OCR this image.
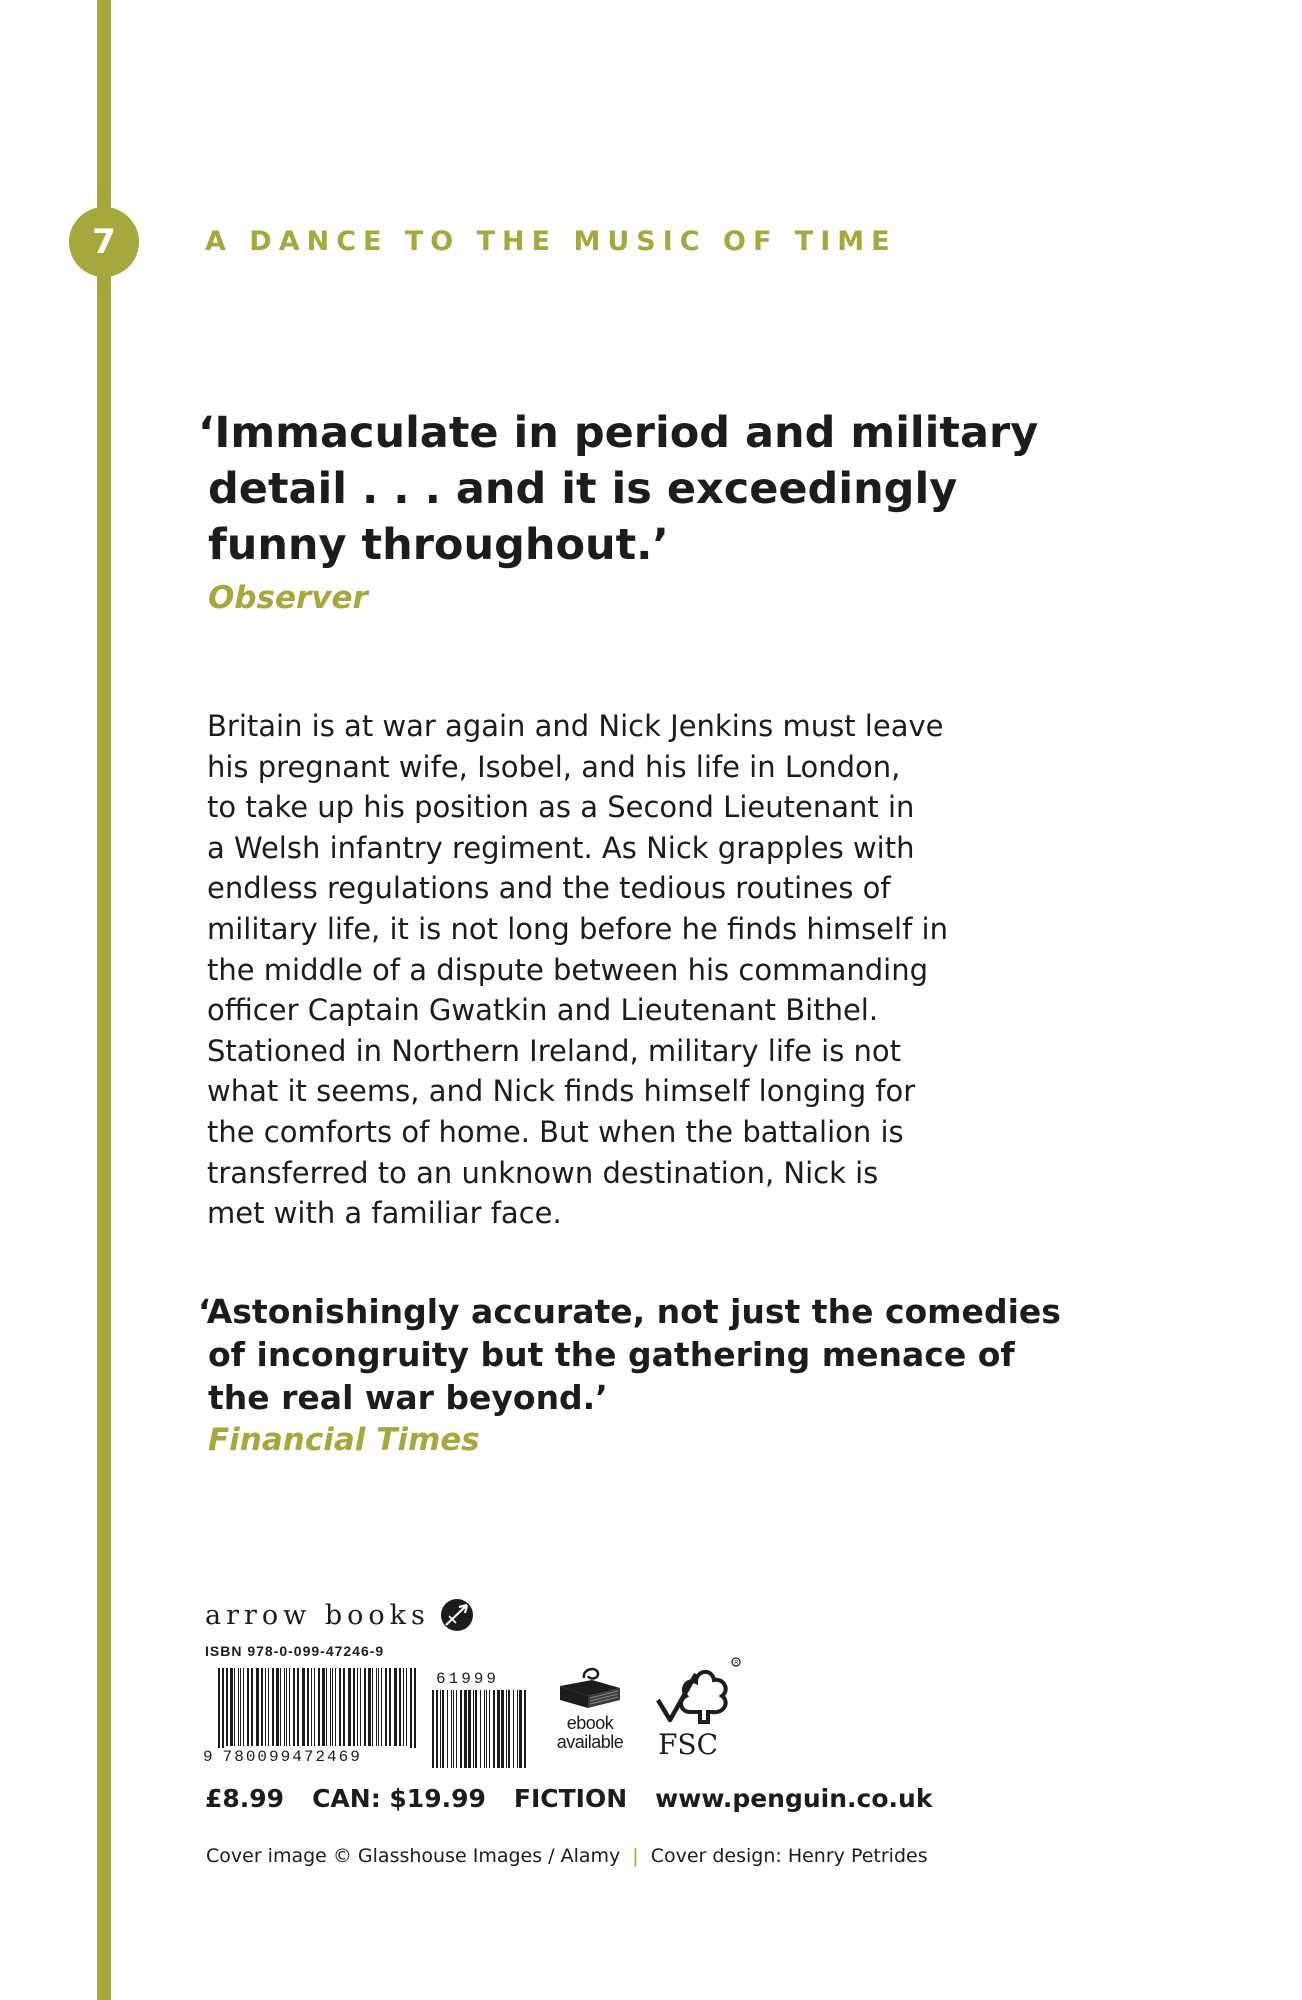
7	A DANCE TO THE MUSIC OF TIME
‘Immaculate in period and military
detail . . . and it is exceedingly
funny throughout.’
Observer
Britain is at war again and Nick Jenkins must leave
his pregnant wife, Isobel, and his life in London,
to take up his position as a Second Lieutenant in
a Welsh infantry regiment. As Nick grapples with
endless regulations and the tedious routines of
military life, it is not long before he finds himself in
the middle of a dispute between his commanding
officer Captain Gwatkin and Lieutenant Bithel.
Stationed in Northern Ireland, military life is not
what it seems, and Nick finds himself longing for
the comforts of home. But when the battalion is
transferred to an unknown destination, Nick is
met with a familiar face.
‘Astonishingly accurate, not just the comedies
of incongruity but the gathering menace of
the real war beyond.’
Financial Times
arrow books
ISBN 978-0-099-47246-9
61999
9 780099472469
ebook
available
R
FSC
£8.99 CAN: $19.99 FICTION www.penguin.co.uk
Cover image © Glasshouse Images / Alamy | Cover design: Henry Petrides
